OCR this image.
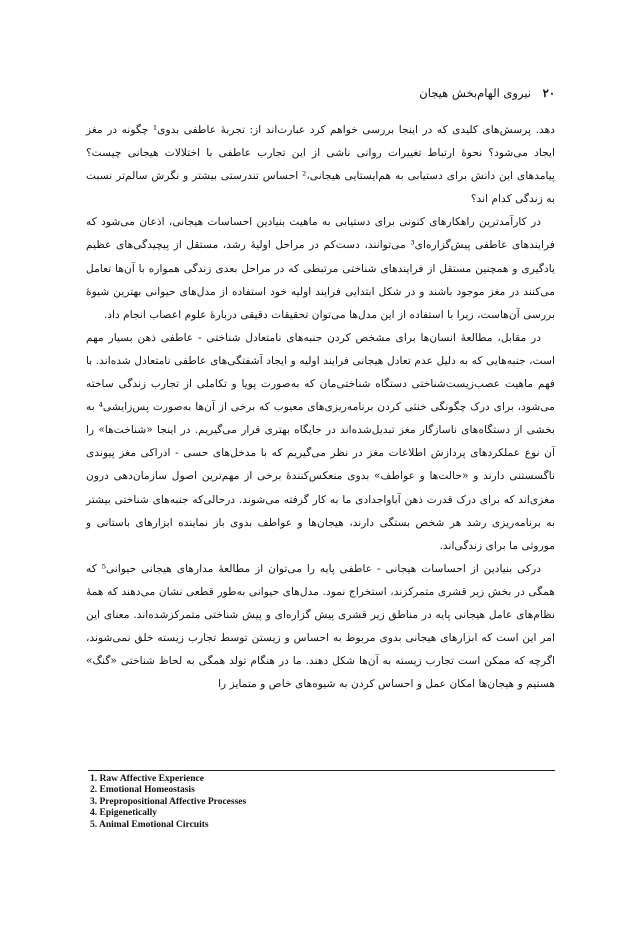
۲۰
نیروی الهام‌بخش هیجان

دهد. پرسش‌های کلیدی که در اینجا بررسی خواهم کرد عبارت‌اند از: تجربۀ عاطفی بدوی¹ چگونه در مغز ایجاد می‌شود؟ نحوۀ ارتباط تغییرات روانی ناشی از این تجارب عاطفی با اختلالات هیجانی چیست؟ پیامدهای این دانش برای دستیابی به هم‌ایستایی هیجانی،² احساس تندرستی بیشتر و نگرش سالم‌تر نسبت به زندگی کدام اند؟

در کارآمدترین راهکارهای کنونی برای دستیابی به ماهیت بنیادین احساسات هیجانی، اذعان می‌شود که فرایندهای عاطفی پیش‌گزاره‌ای³ می‌توانند، دست‌کم در مراحل اولیۀ رشد، مستقل از پیچیدگی‌های عظیم یادگیری و همچنین مستقل از فرایندهای شناختی مرتبطی که در مراحل بعدی زندگی همواره با آن‌ها تعامل می‌کنند در مغز موجود باشند و در شکل ابتدایی فرایند اولیه خود استفاده از مدل‌های حیوانی بهترین شیوۀ بررسی آن‌هاست، زیرا با استفاده از این مدل‌ها می‌توان تحقیقات دقیقی دربارۀ علوم اعصاب انجام داد.

در مقابل، مطالعۀ انسان‌ها برای مشخص کردن جنبه‌های نامتعادل شناختی - عاطفی ذهن بسیار مهم است، جنبه‌هایی که به دلیل عدم تعادل هیجانی فرایند اولیه و ایجاد آشفتگی‌های عاطفی نامتعادل شده‌اند. با فهم ماهیت عصب‌زیست‌شناختی دستگاه شناختی‌مان که به‌صورت پویا و تکاملی از تجارب زندگی ساخته می‌شود، برای درک چگونگی خنثی کردن برنامه‌ریزی‌های معیوب که برخی از آن‌ها به‌صورت پس‌زایشی⁴ به بخشی از دستگاه‌های ناسازگار مغز تبدیل‌شده‌اند در جایگاه بهتری قرار می‌گیریم. در اینجا «شناخت‌ها» را آن نوع عملکردهای پردازش اطلاعات مغز در نظر می‌گیریم که با مدخل‌های حسی - ادراکی مغز پیوندی ناگسستنی دارند و «حالت‌ها و عواطف» بدوی منعکس‌کنندۀ برخی از مهم‌ترین اصول سازمان‌دهی درون مغزی‌اند که برای درک قدرت ذهن آباواجدادی ما به کار گرفته می‌شوند. درحالی‌که جنبه‌های شناختی بیشتر به برنامه‌ریزی رشد هر شخص بستگی دارند، هیجان‌ها و عواطف بدوی باز نماینده ابزارهای باستانی و موروثی ما برای زندگی‌اند.

درکی بنیادین از احساسات هیجانی - عاطفی پایه را می‌توان از مطالعۀ مدارهای هیجانی حیوانی⁵ که همگی در بخش زیر قشری متمرکزند، استخراج نمود. مدل‌های حیوانی به‌طور قطعی نشان می‌دهند که همۀ نظام‌های عامل هیجانی پایه در مناطق زیر قشری پیش گزاره‌ای و پیش شناختی متمرکزشده‌اند. معنای این امر این است که ابزارهای هیجانی بدوی مربوط به احساس و زیستن توسط تجارب زیسته خلق نمی‌شوند، اگرچه که ممکن است تجارب زیسته به آن‌ها شکل دهند. ما در هنگام تولد همگی به لحاظ شناختی «گنگ» هستیم و هیجان‌ها امکان عمل و احساس کردن به شیوه‌های خاص و متمایز را

1. Raw Affective Experience
2. Emotional Homeostasis
3. Prepropositional Affective Processes
4. Epigenetically
5. Animal Emotional Circuits
